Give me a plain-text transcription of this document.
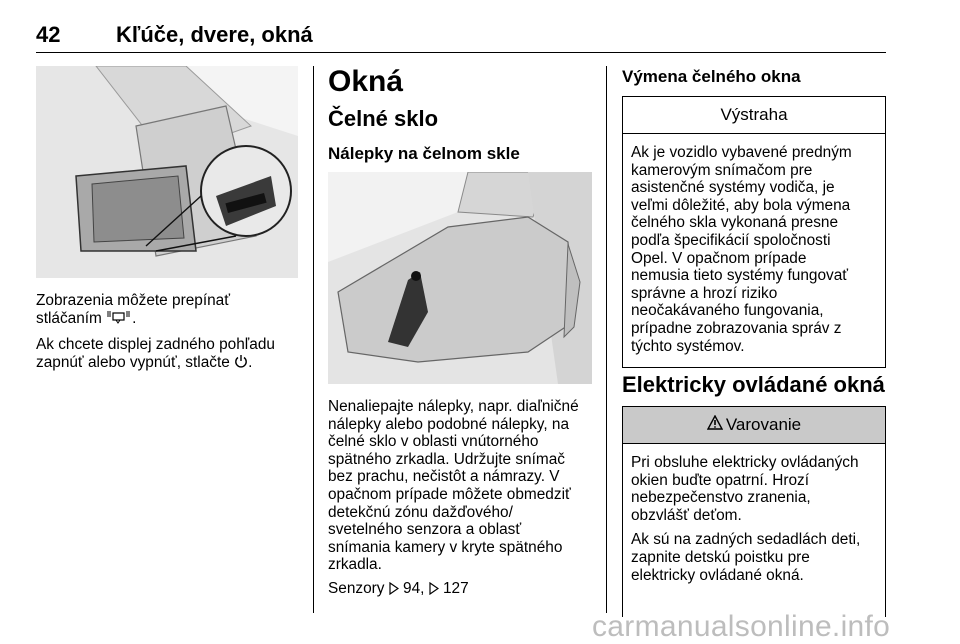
42	Kľúče, dvere, okná

Zobrazenia môžete prepínať
stláčaním .

Ak chcete displej zadného pohľadu
zapnúť alebo vypnúť, stlačte .

Okná
Čelné sklo
Nálepky na čelnom skle

Nenaliepajte nálepky, napr. diaľničné
nálepky alebo podobné nálepky, na
čelné sklo v oblasti vnútorného
spätného zrkadla. Udržujte snímač
bez prachu, nečistôt a námrazy. V
opačnom prípade môžete obmedziť
detekčnú zónu dažďového/
svetelného senzora a oblasť
snímania kamery v kryte spätného
zrkadla.

Senzory 94, 127

Výmena čelného okna
Výstraha

Ak je vozidlo vybavené predným
kamerovým snímačom pre
asistenčné systémy vodiča, je
veľmi dôležité, aby bola výmena
čelného skla vykonaná presne
podľa špecifikácií spoločnosti
Opel. V opačnom prípade
nemusia tieto systémy fungovať
správne a hrozí riziko
neočakávaného fungovania,
prípadne zobrazovania správ z
týchto systémov.

Elektricky ovládané okná
Varovanie

Pri obsluhe elektricky ovládaných
okien buďte opatrní. Hrozí
nebezpečenstvo zranenia,
obzvlášť deťom.

Ak sú na zadných sedadlách deti,
zapnite detskú poistku pre
elektricky ovládané okná.

carmanualsonline.info
